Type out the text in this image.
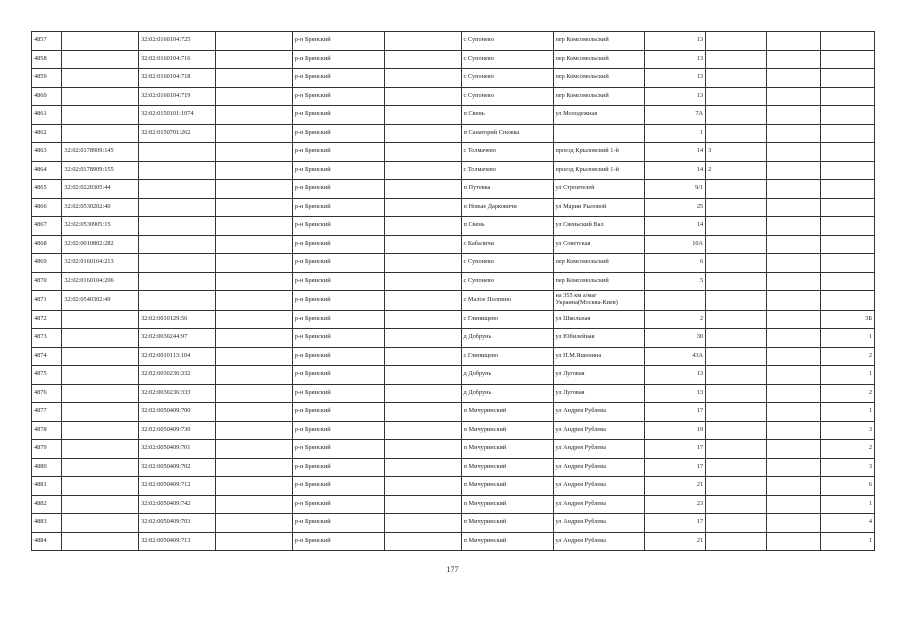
4857		32:02:0160104:725		р-н Брянский		с Супонево	пер Комсомольский	13			
4858		32:02:0160104:716		р-н Брянский		с Супонево	пер Комсомольский	13			
4859		32:02:0160104:718		р-н Брянский		с Супонево	пер Комсомольский	13			
4860		32:02:0160104:719		р-н Брянский		с Супонево	пер Комсомольский	13			
4861		32:02:0150101:1074		р-н Брянский		п Свень	ул Молодежная	7А			
4862		32:02:0150701:262		р-н Брянский		п Санаторий Снежка		1			
4863	32:02:0178909:145			р-н Брянский		с Толмачево	проезд Крыловский 1-й	14	3		
4864	32:02:0178909:155			р-н Брянский		с Толмачево	проезд Крыловский 1-й	14	2		
4865	32:02:0220305:44			р-н Брянский		п Путевка	ул Строителей	9/1			
4866	32:02:0530202:40			р-н Брянский		п Новые Дарковичи	ул Марии Рыловой	25			
4867	32:02:0530905:15			р-н Брянский		п Свень	ул Свеньский Вал	14			
4868	32:02:0010802:282			р-н Брянский		с Кабаличи	ул Советская	10А			
4869	32:02:0160104:213			р-н Брянский		с Супонево	пер Комсомольский	6			
4870	32:02:0160104:206			р-н Брянский		с Супонево	пер Комсомольский	5			
4871	32:02:0540302:49			р-н Брянский		с Малое Полпино	на 355 км а/маг Украина(Москва-Киев)				
4872		32:02:0010129:56		р-н Брянский		с Глинищево	ул Школьная	2			3Б
4873		32:02:0030244:97		р-н Брянский		д Добрунь	ул Юбилейная	30			1
4874		32:02:0010113:104		р-н Брянский		с Глинищево	ул П.М.Яшенина	43А			2
4875		32:02:0030236:332		р-н Брянский		д Добрунь	ул Луговая	13			1
4876		32:02:0030236:333		р-н Брянский		д Добрунь	ул Луговая	13			2
4877		32:02:0050409:700		р-н Брянский		п Мичуринский	ул Андрея Рублева	17			1
4878		32:02:0050409:730		р-н Брянский		п Мичуринский	ул Андрея Рублева	19			3
4879		32:02:0050409:701		р-н Брянский		п Мичуринский	ул Андрея Рублева	17			2
4880		32:02:0050409:702		р-н Брянский		п Мичуринский	ул Андрея Рублева	17			3
4881		32:02:0050409:712		р-н Брянский		п Мичуринский	ул Андрея Рублева	21			6
4882		32:02:0050409:742		р-н Брянский		п Мичуринский	ул Андрея Рублева	23			1
4883		32:02:0050409:703		р-н Брянский		п Мичуринский	ул Андрея Рублева	17			4
4884		32:02:0050409:713		р-н Брянский		п Мичуринский	ул Андрея Рублева	21			1
177
